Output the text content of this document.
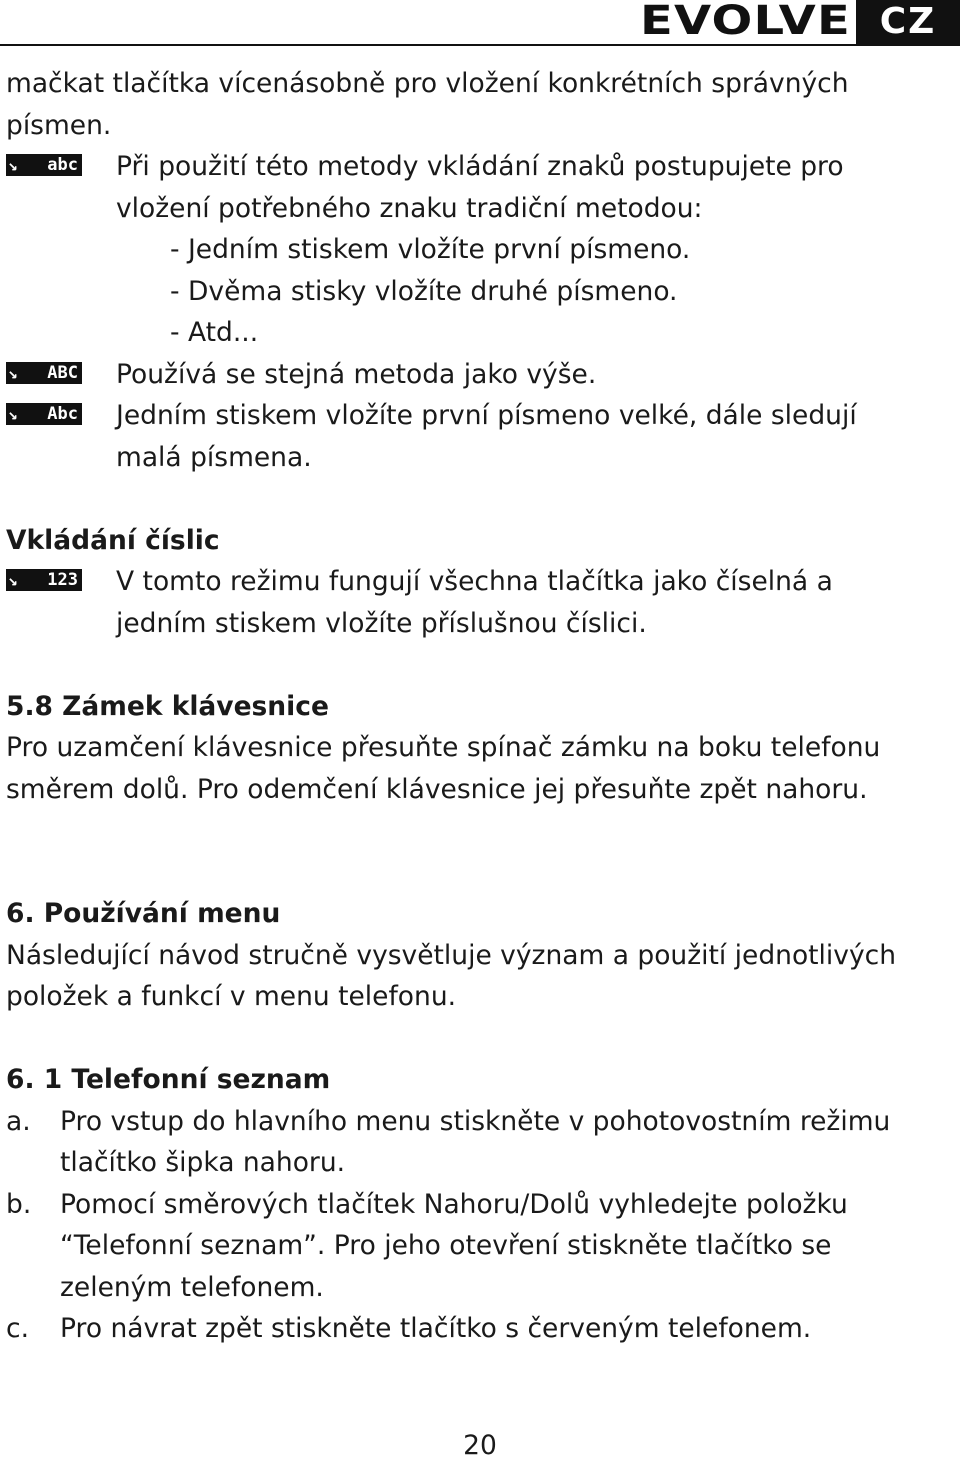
EVOLVE CZ

mačkat tlačítka vícenásobně pro vložení konkrétních správných

písmen.

↘ abc Při použití této metody vkládání znaků postupujete pro

vložení potřebného znaku tradiční metodou:

- Jedním stiskem vložíte první písmeno.

- Dvěma stisky vložíte druhé písmeno.

- Atd...

↘ ABC Používá se stejná metoda jako výše.

↘ Abc Jedním stiskem vložíte první písmeno velké, dále sledují

malá písmena.

Vkládání číslic

↘ 123 V tomto režimu fungují všechna tlačítka jako číselná a

jedním stiskem vložíte příslušnou číslici.

5.8 Zámek klávesnice

Pro uzamčení klávesnice přesuňte spínač zámku na boku telefonu

směrem dolů. Pro odemčení klávesnice jej přesuňte zpět nahoru.

6. Používání menu

Následující návod stručně vysvětluje význam a použití jednotlivých

položek a funkcí v menu telefonu.

6. 1 Telefonní seznam

a. Pro vstup do hlavního menu stiskněte v pohotovostním režimu

tlačítko šipka nahoru.

b. Pomocí směrových tlačítek Nahoru/Dolů vyhledejte položku

“Telefonní seznam”. Pro jeho otevření stiskněte tlačítko se

zeleným telefonem.

c. Pro návrat zpět stiskněte tlačítko s červeným telefonem.

20
